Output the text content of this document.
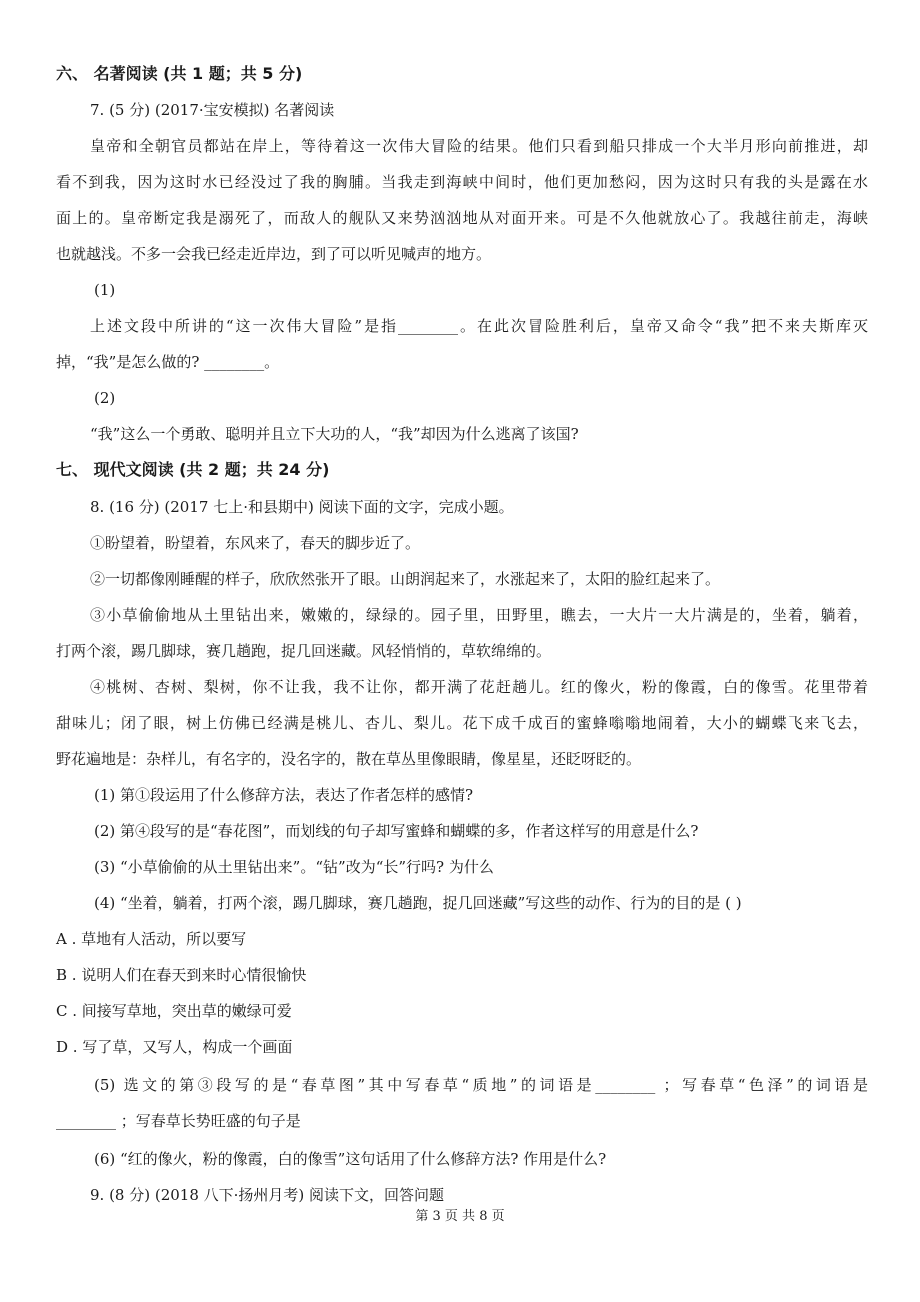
六、 名著阅读 (共 1 题；共 5 分)
7. (5 分) (2017·宝安模拟) 名著阅读
皇帝和全朝官员都站在岸上，等待着这一次伟大冒险的结果。他们只看到船只排成一个大半月形向前推进，却
看不到我，因为这时水已经没过了我的胸脯。当我走到海峡中间时，他们更加愁闷，因为这时只有我的头是露在水
面上的。皇帝断定我是溺死了，而敌人的舰队又来势汹汹地从对面开来。可是不久他就放心了。我越往前走，海峡
也就越浅。不多一会我已经走近岸边，到了可以听见喊声的地方。
(1)
上述文段中所讲的“这一次伟大冒险”是指________。在此次冒险胜利后，皇帝又命令“我”把不来夫斯库灭
掉，“我”是怎么做的? ________。
(2)
“我”这么一个勇敢、聪明并且立下大功的人，“我”却因为什么逃离了该国?
七、 现代文阅读 (共 2 题；共 24 分)
8. (16 分) (2017 七上·和县期中) 阅读下面的文字，完成小题。
①盼望着，盼望着，东风来了，春天的脚步近了。
②一切都像刚睡醒的样子，欣欣然张开了眼。山朗润起来了，水涨起来了，太阳的脸红起来了。
③小草偷偷地从土里钻出来，嫩嫩的，绿绿的。园子里，田野里，瞧去，一大片一大片满是的，坐着，躺着，
打两个滚，踢几脚球，赛几趟跑，捉几回迷藏。风轻悄悄的，草软绵绵的。
④桃树、杏树、梨树，你不让我，我不让你，都开满了花赶趟儿。红的像火，粉的像霞，白的像雪。花里带着
甜味儿；闭了眼，树上仿佛已经满是桃儿、杏儿、梨儿。花下成千成百的蜜蜂嗡嗡地闹着，大小的蝴蝶飞来飞去，
野花遍地是：杂样儿，有名字的，没名字的，散在草丛里像眼睛，像星星，还眨呀眨的。
(1) 第①段运用了什么修辞方法，表达了作者怎样的感情?
(2) 第④段写的是“春花图”，而划线的句子却写蜜蜂和蝴蝶的多，作者这样写的用意是什么?
(3) “小草偷偷的从土里钻出来”。“钻”改为“长”行吗? 为什么
(4) “坐着，躺着，打两个滚，踢几脚球，赛几趟跑，捉几回迷藏”写这些的动作、行为的目的是 ( )
A . 草地有人活动，所以要写
B . 说明人们在春天到来时心情很愉快
C . 间接写草地，突出草的嫩绿可爱
D . 写了草，又写人，构成一个画面
(5) 选文的第③段写的是“春草图”其中写春草“质地”的词语是________ ；写春草“色泽”的词语是
________ ；写春草长势旺盛的句子是
(6) “红的像火，粉的像霞，白的像雪”这句话用了什么修辞方法? 作用是什么?
9. (8 分) (2018 八下·扬州月考) 阅读下文，回答问题
第 3 页 共 8 页
